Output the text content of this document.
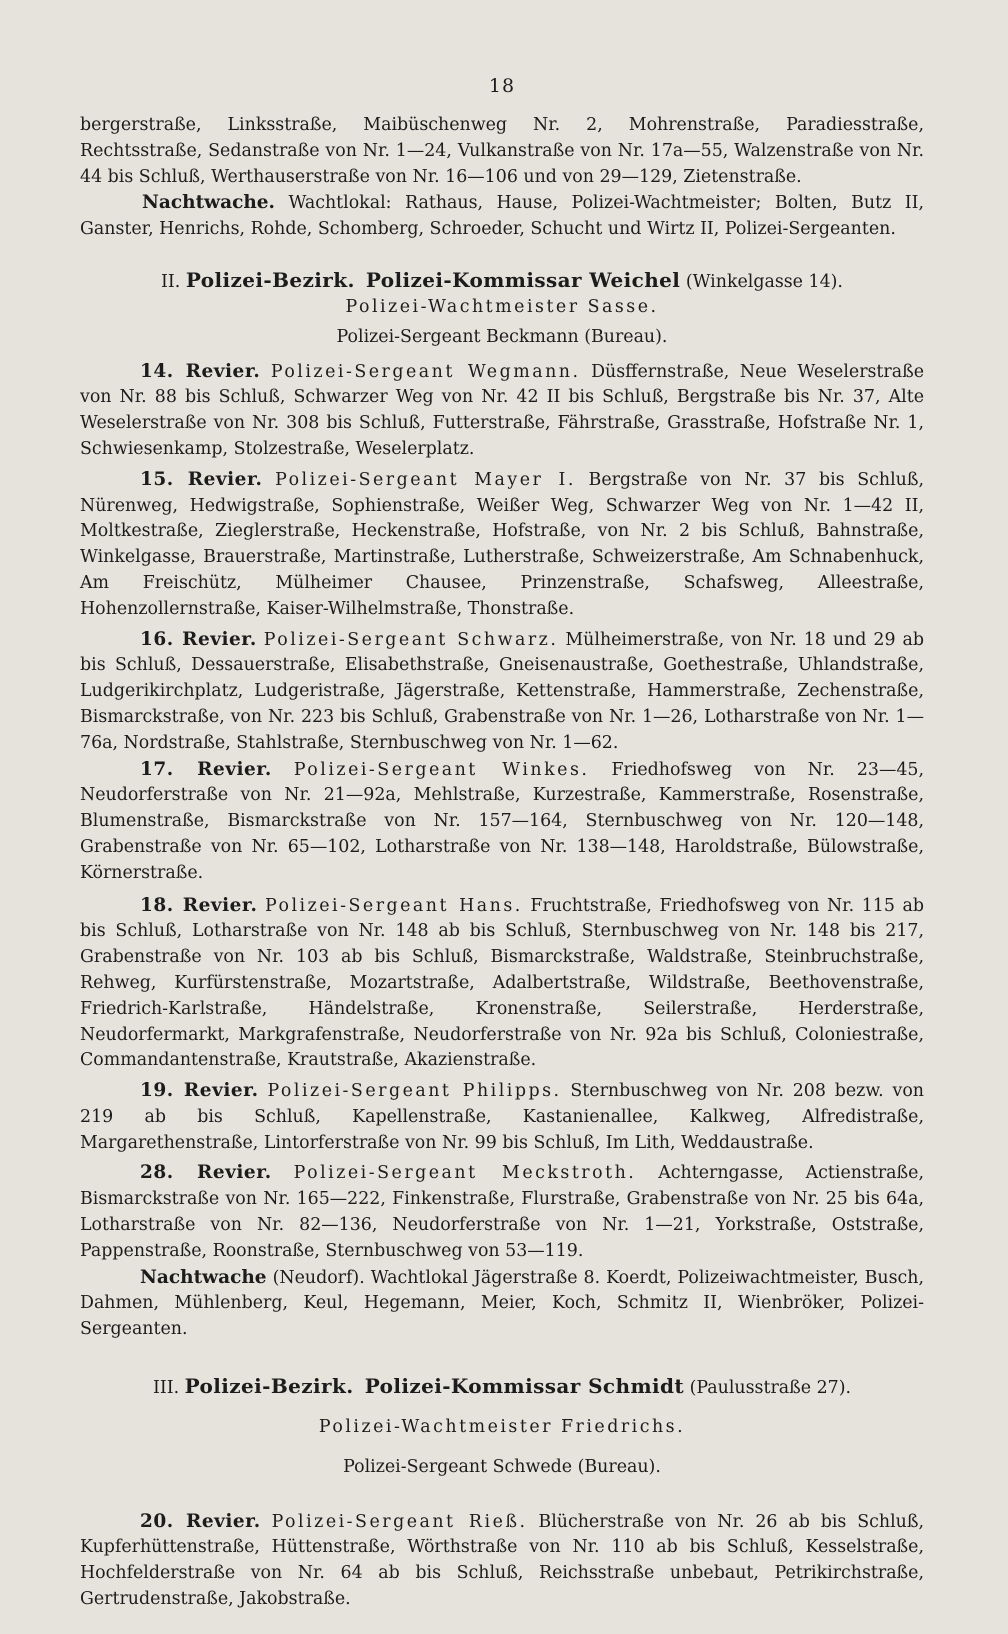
18

bergerstraße, Linksstraße, Maibüschenweg Nr. 2, Mohrenstraße, Paradiesstraße, Rechtsstraße, Sedanstraße von Nr. 1—24, Vulkanstraße von Nr. 17a—55, Walzenstraße von Nr. 44 bis Schluß, Werthauserstraße von Nr. 16—106 und von 29—129, Zietenstraße.
Nachtwache. Wachtlokal: Rathaus, Hause, Polizei-Wachtmeister; Bolten, Butz II, Ganster, Henrichs, Rohde, Schomberg, Schroeder, Schucht und Wirtz II, Polizei-Sergeanten.

II. Polizei-Bezirk. Polizei-Kommissar Weichel (Winkelgasse 14).
Polizei-Wachtmeister Sasse.
Polizei-Sergeant Beckmann (Bureau).

14. Revier. Polizei-Sergeant Wegmann. Düsffernstraße, Neue Weselerstraße von Nr. 88 bis Schluß, Schwarzer Weg von Nr. 42 II bis Schluß, Bergstraße bis Nr. 37, Alte Weselerstraße von Nr. 308 bis Schluß, Futterstraße, Fährstraße, Grasstraße, Hofstraße Nr. 1, Schwiesenkamp, Stolzestraße, Weselerplatz.

15. Revier. Polizei-Sergeant Mayer I. Bergstraße von Nr. 37 bis Schluß, Nürenweg, Hedwigstraße, Sophienstraße, Weißer Weg, Schwarzer Weg von Nr. 1—42 II, Moltkestraße, Zieglerstraße, Heckenstraße, Hofstraße, von Nr. 2 bis Schluß, Bahnstraße, Winkelgasse, Brauerstraße, Martinstraße, Lutherstraße, Schweizerstraße, Am Schnabenhuck, Am Freischütz, Mülheimer Chausee, Prinzenstraße, Schafsweg, Alleestraße, Hohenzollernstraße, Kaiser-Wilhelmstraße, Thonstraße.

16. Revier. Polizei-Sergeant Schwarz. Mülheimerstraße, von Nr. 18 und 29 ab bis Schluß, Dessauerstraße, Elisabethstraße, Gneisenaustraße, Goethestraße, Uhlandstraße, Ludgerikirchplatz, Ludgeristraße, Jägerstraße, Kettenstraße, Hammerstraße, Zechenstraße, Bismarckstraße, von Nr. 223 bis Schluß, Grabenstraße von Nr. 1—26, Lotharstraße von Nr. 1—76a, Nordstraße, Stahlstraße, Sternbuschweg von Nr. 1—62.

17. Revier. Polizei-Sergeant Winkes. Friedhofsweg von Nr. 23—45, Neudorferstraße von Nr. 21—92a, Mehlstraße, Kurzestraße, Kammerstraße, Rosenstraße, Blumenstraße, Bismarckstraße von Nr. 157—164, Sternbuschweg von Nr. 120—148, Grabenstraße von Nr. 65—102, Lotharstraße von Nr. 138—148, Haroldstraße, Bülowstraße, Körnerstraße.

18. Revier. Polizei-Sergeant Hans. Fruchtstraße, Friedhofsweg von Nr. 115 ab bis Schluß, Lotharstraße von Nr. 148 ab bis Schluß, Sternbuschweg von Nr. 148 bis 217, Grabenstraße von Nr. 103 ab bis Schluß, Bismarckstraße, Waldstraße, Steinbruchstraße, Rehweg, Kurfürstenstraße, Mozartstraße, Adalbertstraße, Wildstraße, Beethovenstraße, Friedrich-Karlstraße, Händelstraße, Kronenstraße, Seilerstraße, Herderstraße, Neudorfermarkt, Markgrafenstraße, Neudorferstraße von Nr. 92a bis Schluß, Coloniestraße, Commandantenstraße, Krautstraße, Akazienstraße.

19. Revier. Polizei-Sergeant Philipps. Sternbuschweg von Nr. 208 bezw. von 219 ab bis Schluß, Kapellenstraße, Kastanienallee, Kalkweg, Alfredistraße, Margarethenstraße, Lintorferstraße von Nr. 99 bis Schluß, Im Lith, Weddaustraße.

28. Revier. Polizei-Sergeant Meckstroth. Achterngasse, Actienstraße, Bismarckstraße von Nr. 165—222, Finkenstraße, Flurstraße, Grabenstraße von Nr. 25 bis 64a, Lotharstraße von Nr. 82—136, Neudorferstraße von Nr. 1—21, Yorkstraße, Oststraße, Pappenstraße, Roonstraße, Sternbuschweg von 53—119.

Nachtwache (Neudorf). Wachtlokal Jägerstraße 8. Koerdt, Polizeiwachtmeister, Busch, Dahmen, Mühlenberg, Keul, Hegemann, Meier, Koch, Schmitz II, Wienbröker, Polizei-Sergeanten.

III. Polizei-Bezirk. Polizei-Kommissar Schmidt (Paulusstraße 27).
Polizei-Wachtmeister Friedrichs.
Polizei-Sergeant Schwede (Bureau).

20. Revier. Polizei-Sergeant Rieß. Blücherstraße von Nr. 26 ab bis Schluß, Kupferhüttenstraße, Hüttenstraße, Wörthstraße von Nr. 110 ab bis Schluß, Kesselstraße, Hochfelderstraße von Nr. 64 ab bis Schluß, Reichsstraße unbebaut, Petrikirchstraße, Gertrudenstraße, Jakobstraße.
